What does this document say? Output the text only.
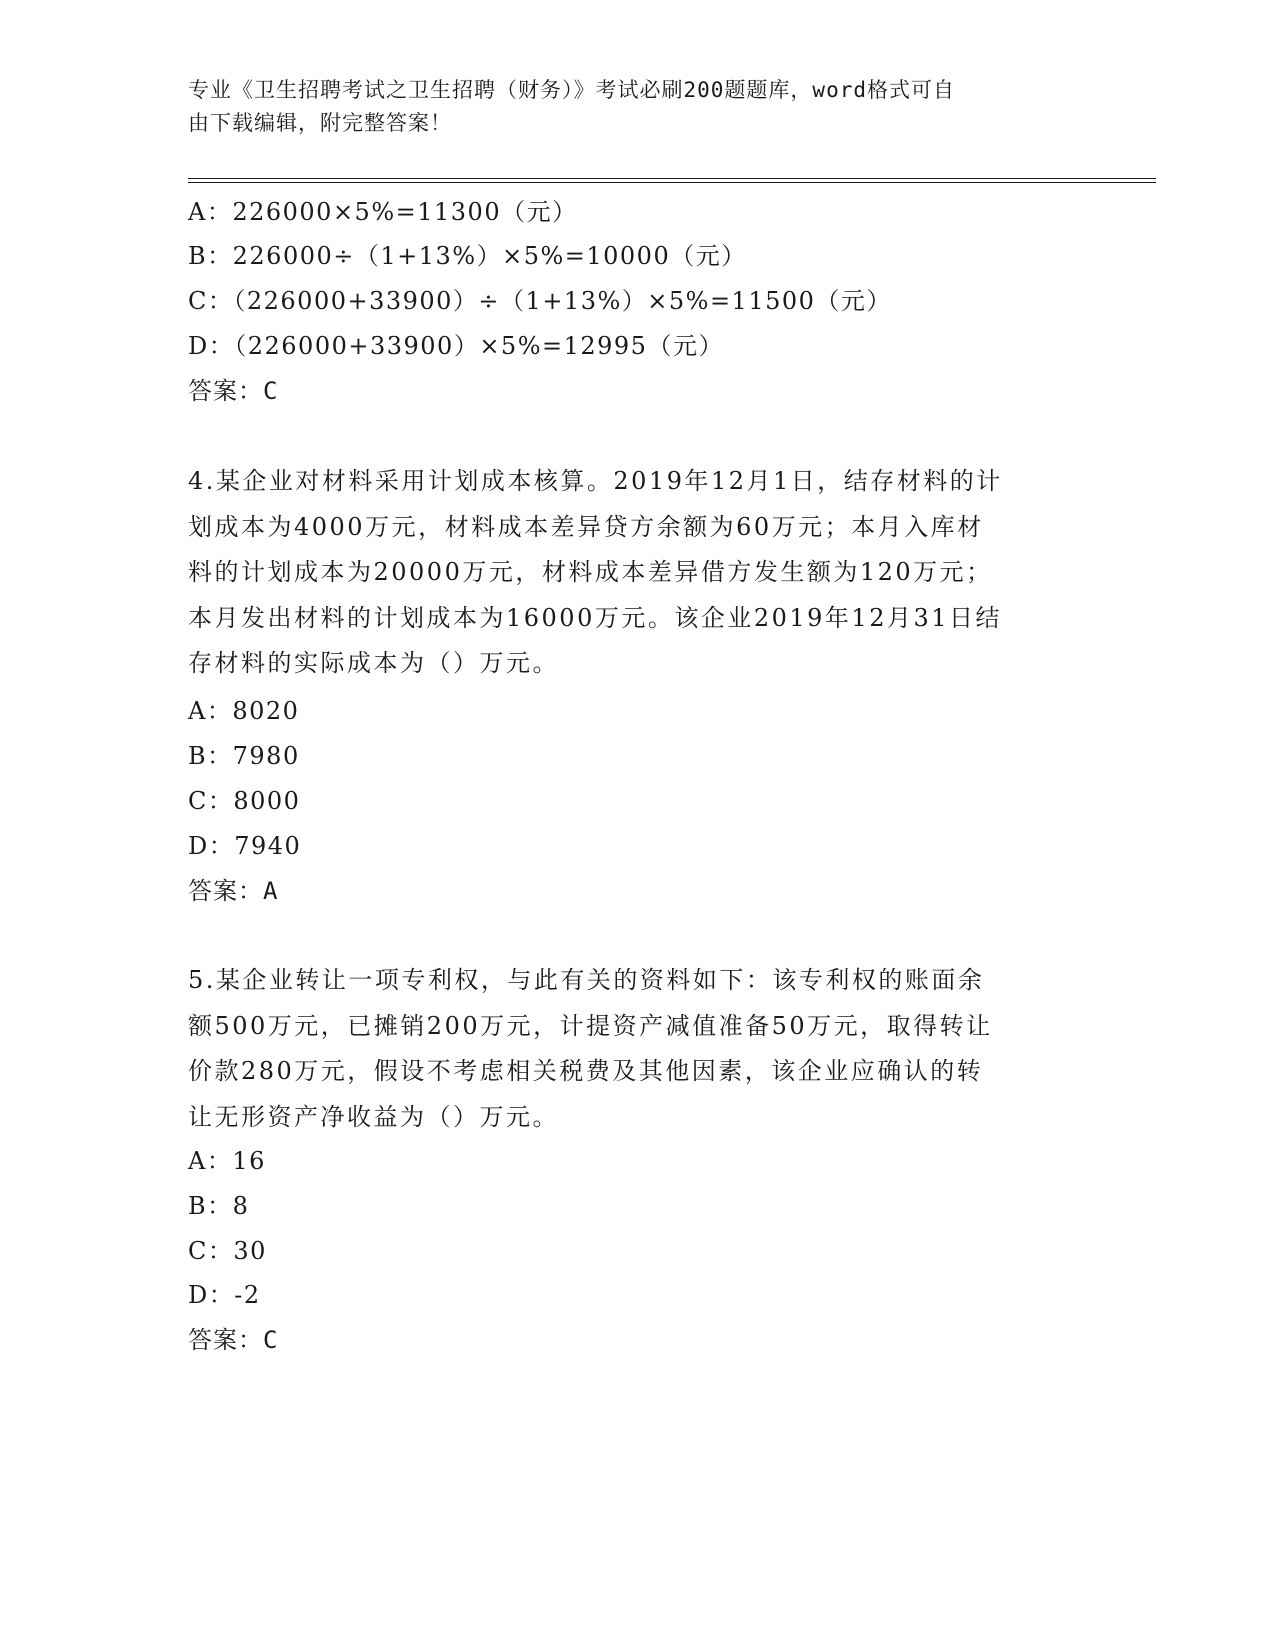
专业《卫生招聘考试之卫生招聘（财务）》考试必刷200题题库，word格式可自
由下载编辑，附完整答案！
A：226000×5%=11300（元）
B：226000÷（1+13%）×5%=10000（元）
C：（226000+33900）÷（1+13%）×5%=11500（元）
D：（226000+33900）×5%=12995（元）
答案：C
4.某企业对材料采用计划成本核算。2019年12月1日，结存材料的计
划成本为4000万元，材料成本差异贷方余额为60万元；本月入库材
料的计划成本为20000万元，材料成本差异借方发生额为120万元；
本月发出材料的计划成本为16000万元。该企业2019年12月31日结
存材料的实际成本为（）万元。
A：8020
B：7980
C：8000
D：7940
答案：A
5.某企业转让一项专利权，与此有关的资料如下：该专利权的账面余
额500万元，已摊销200万元，计提资产减值准备50万元，取得转让
价款280万元，假设不考虑相关税费及其他因素，该企业应确认的转
让无形资产净收益为（）万元。
A：16
B：8
C：30
D：-2
答案：C
